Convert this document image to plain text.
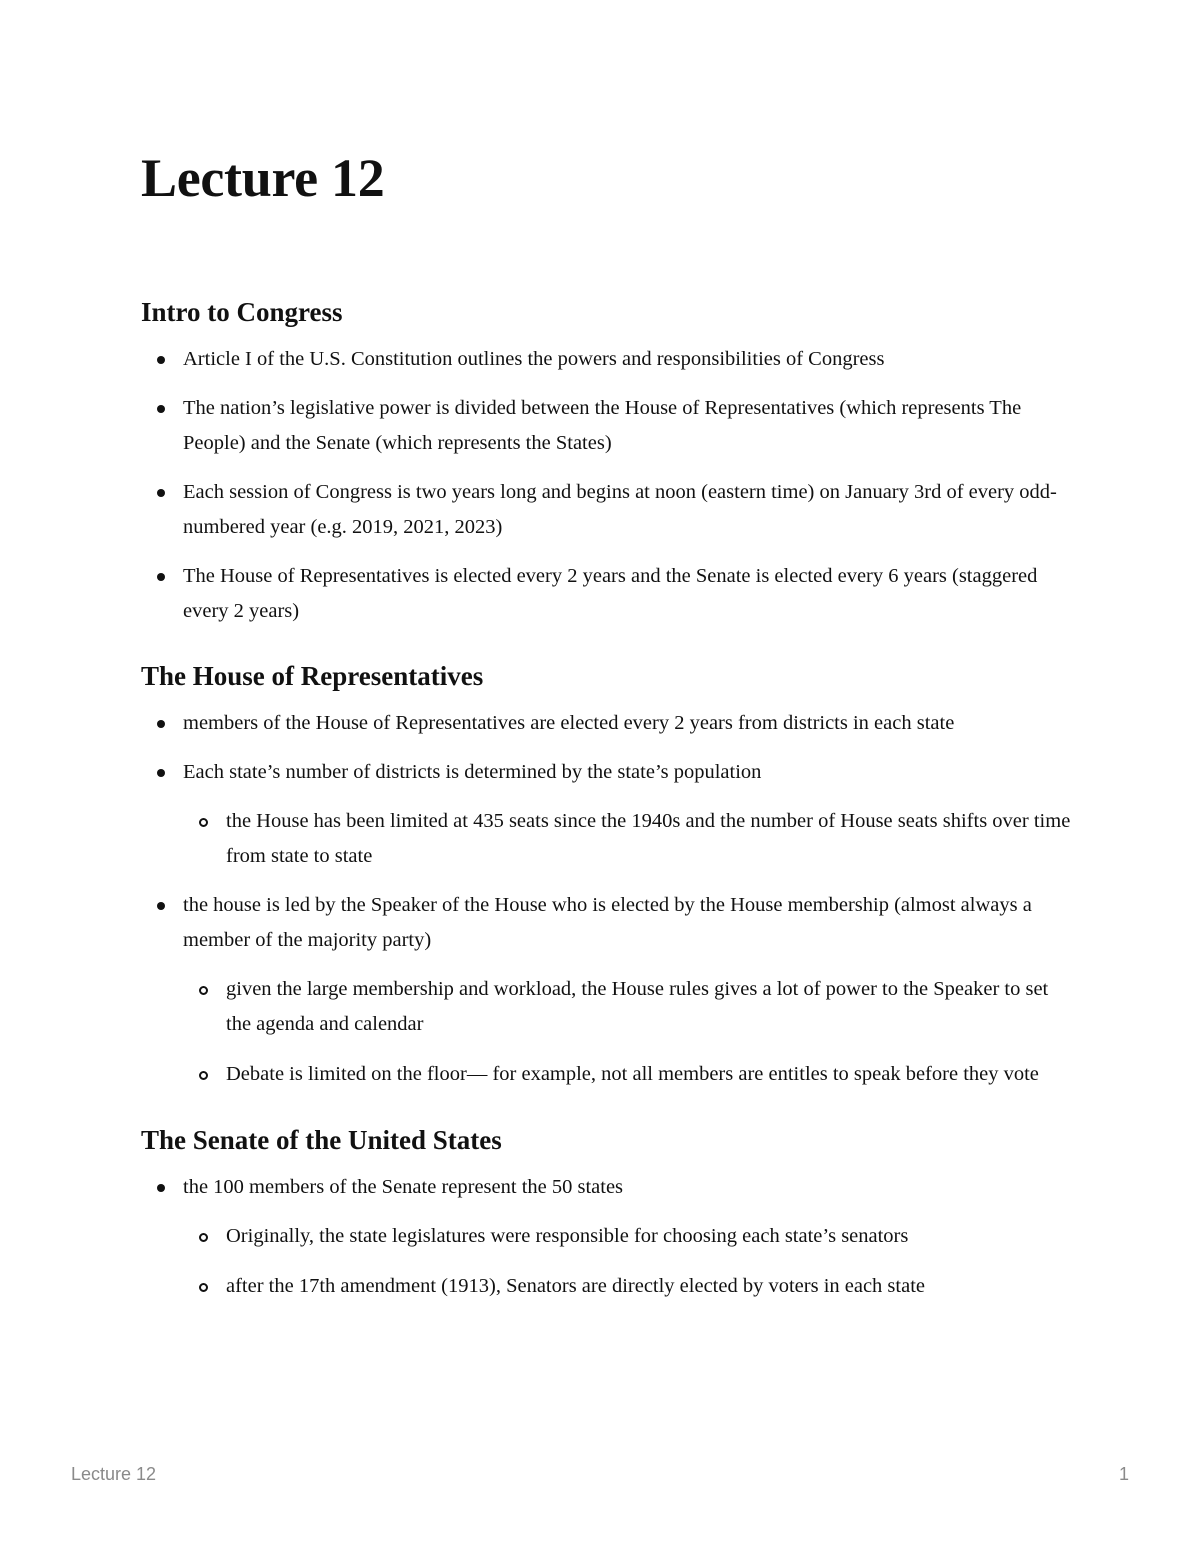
Lecture 12
Intro to Congress
Article I of the U.S. Constitution outlines the powers and responsibilities of Congress
The nation’s legislative power is divided between the House of Representatives (which represents The People) and the Senate (which represents the States)
Each session of Congress is two years long and begins at noon (eastern time) on January 3rd of every odd-numbered year (e.g. 2019, 2021, 2023)
The House of Representatives is elected every 2 years and the Senate is elected every 6 years (staggered every 2 years)
The House of Representatives
members of the House of Representatives are elected every 2 years from districts in each state
Each state’s number of districts is determined by the state’s population
the House has been limited at 435 seats since the 1940s and the number of House seats shifts over time from state to state
the house is led by the Speaker of the House who is elected by the House membership (almost always a member of the majority party)
given the large membership and workload, the House rules gives a lot of power to the Speaker to set the agenda and calendar
Debate is limited on the floor— for example, not all members are entitles to speak before they vote
The Senate of the United States
the 100 members of the Senate represent the 50 states
Originally, the state legislatures were responsible for choosing each state’s senators
after the 17th amendment (1913), Senators are directly elected by voters in each state
Lecture 12	1
